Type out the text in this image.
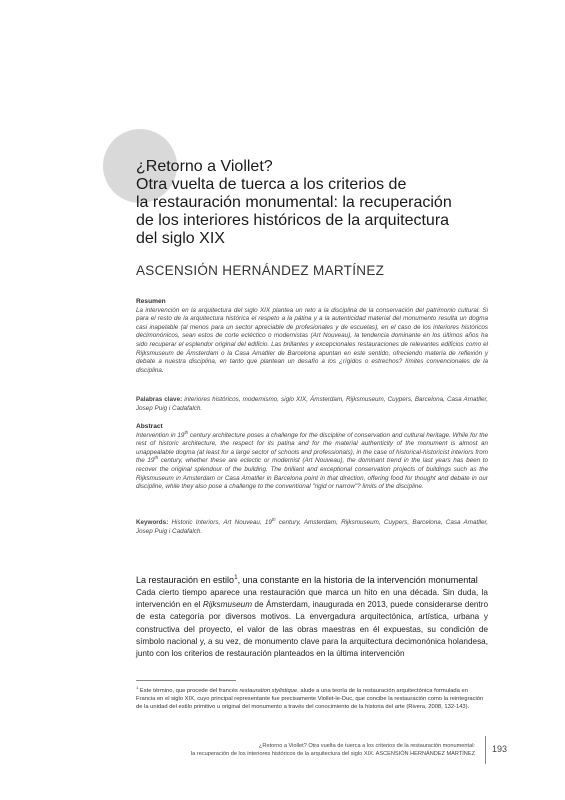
¿Retorno a Viollet?
Otra vuelta de tuerca a los criterios de
la restauración monumental: la recuperación
de los interiores históricos de la arquitectura
del siglo XIX
ASCENSIÓN HERNÁNDEZ MARTÍNEZ
Resumen

La intervención en la arquitectura del siglo XIX plantea un reto a la disciplina de la conservación del patrimonio cultural. Si para el resto de la arquitectura histórica el respeto a la pátina y a la autenticidad material del monumento resulta un dogma casi inapelable (al menos para un sector apreciable de profesionales y de escuelas), en el caso de los interiores históricos decimonónicos, sean estos de corte ecléctico o modernistas (Art Nouveau), la tendencia dominante en los últimos años ha sido recuperar el esplendor original del edificio. Las brillantes y excepcionales restauraciones de relevantes edificios como el Rijksmuseum de Ámsterdam o la Casa Amatller de Barcelona apuntan en este sentido, ofreciendo materia de reflexión y debate a nuestra disciplina, en tanto que plantean un desafío a los ¿rígidos o estrechos? límites convencionales de la disciplina.

Palabras clave: interiores históricos, modernismo, siglo XIX, Ámsterdam, Rijksmuseum, Cuypers, Barcelona, Casa Amatller, Josep Puig i Cadafalch.
Abstract

Intervention in 19th century architecture poses a challenge for the discipline of conservation and cultural heritage. While for the rest of historic architecture, the respect for its patina and for the material authenticity of the monument is almost an unappealable dogma (at least for a large sector of schools and professionals), in the case of historical-historicist interiors from the 19th century, whether these are eclectic or modernist (Art Nouveau), the dominant trend in the last years has been to recover the original splendour of the building. The brilliant and exceptional conservation projects of buildings such as the Rijksmuseum in Amsterdam or Casa Amatller in Barcelona point in that direction, offering food for thought and debate in our discipline, while they also pose a challenge to the conventional "rigid or narrow"? limits of the discipline.

Keywords: Historic Interiors, Art Nouveau, 19th century, Amsterdam, Rijksmuseum, Cuypers, Barcelona, Casa Amatller, Josep Puig i Cadafalch.
La restauración en estilo$^1$, una constante en la historia de la intervención monumental

Cada cierto tiempo aparece una restauración que marca un hito en una década. Sin duda, la intervención en el Rijksmuseum de Ámsterdam, inaugurada en 2013, puede considerarse dentro de esta categoría por diversos motivos. La envergadura arquitectónica, artística, urbana y constructiva del proyecto, el valor de las obras maestras en él expuestas, su condición de símbolo nacional y, a su vez, de monumento clave para la arquitectura decimonónica holandesa, junto con los criterios de restauración planteados en la última intervención

$^1$ Este término, que procede del francés restauration stylistique, alude a una teoría de la restauración arquitectónica formulada en Francia en el siglo XIX, cuyo principal representante fue precisamente Viollet-le-Duc, que concibe la restauración como la reintegración de la unidad del estilo primitivo u original del monumento a través del conocimiento de la historia del arte (Rivera, 2008, 132-143).

¿Retorno a Viollet? Otra vuelta de tuerca a los criterios de la restauración monumental:
la recuperación de los interiores históricos de la arquitectura del siglo XIX. ASCENSIÓN HERNÁNDEZ MARTÍNEZ 193
